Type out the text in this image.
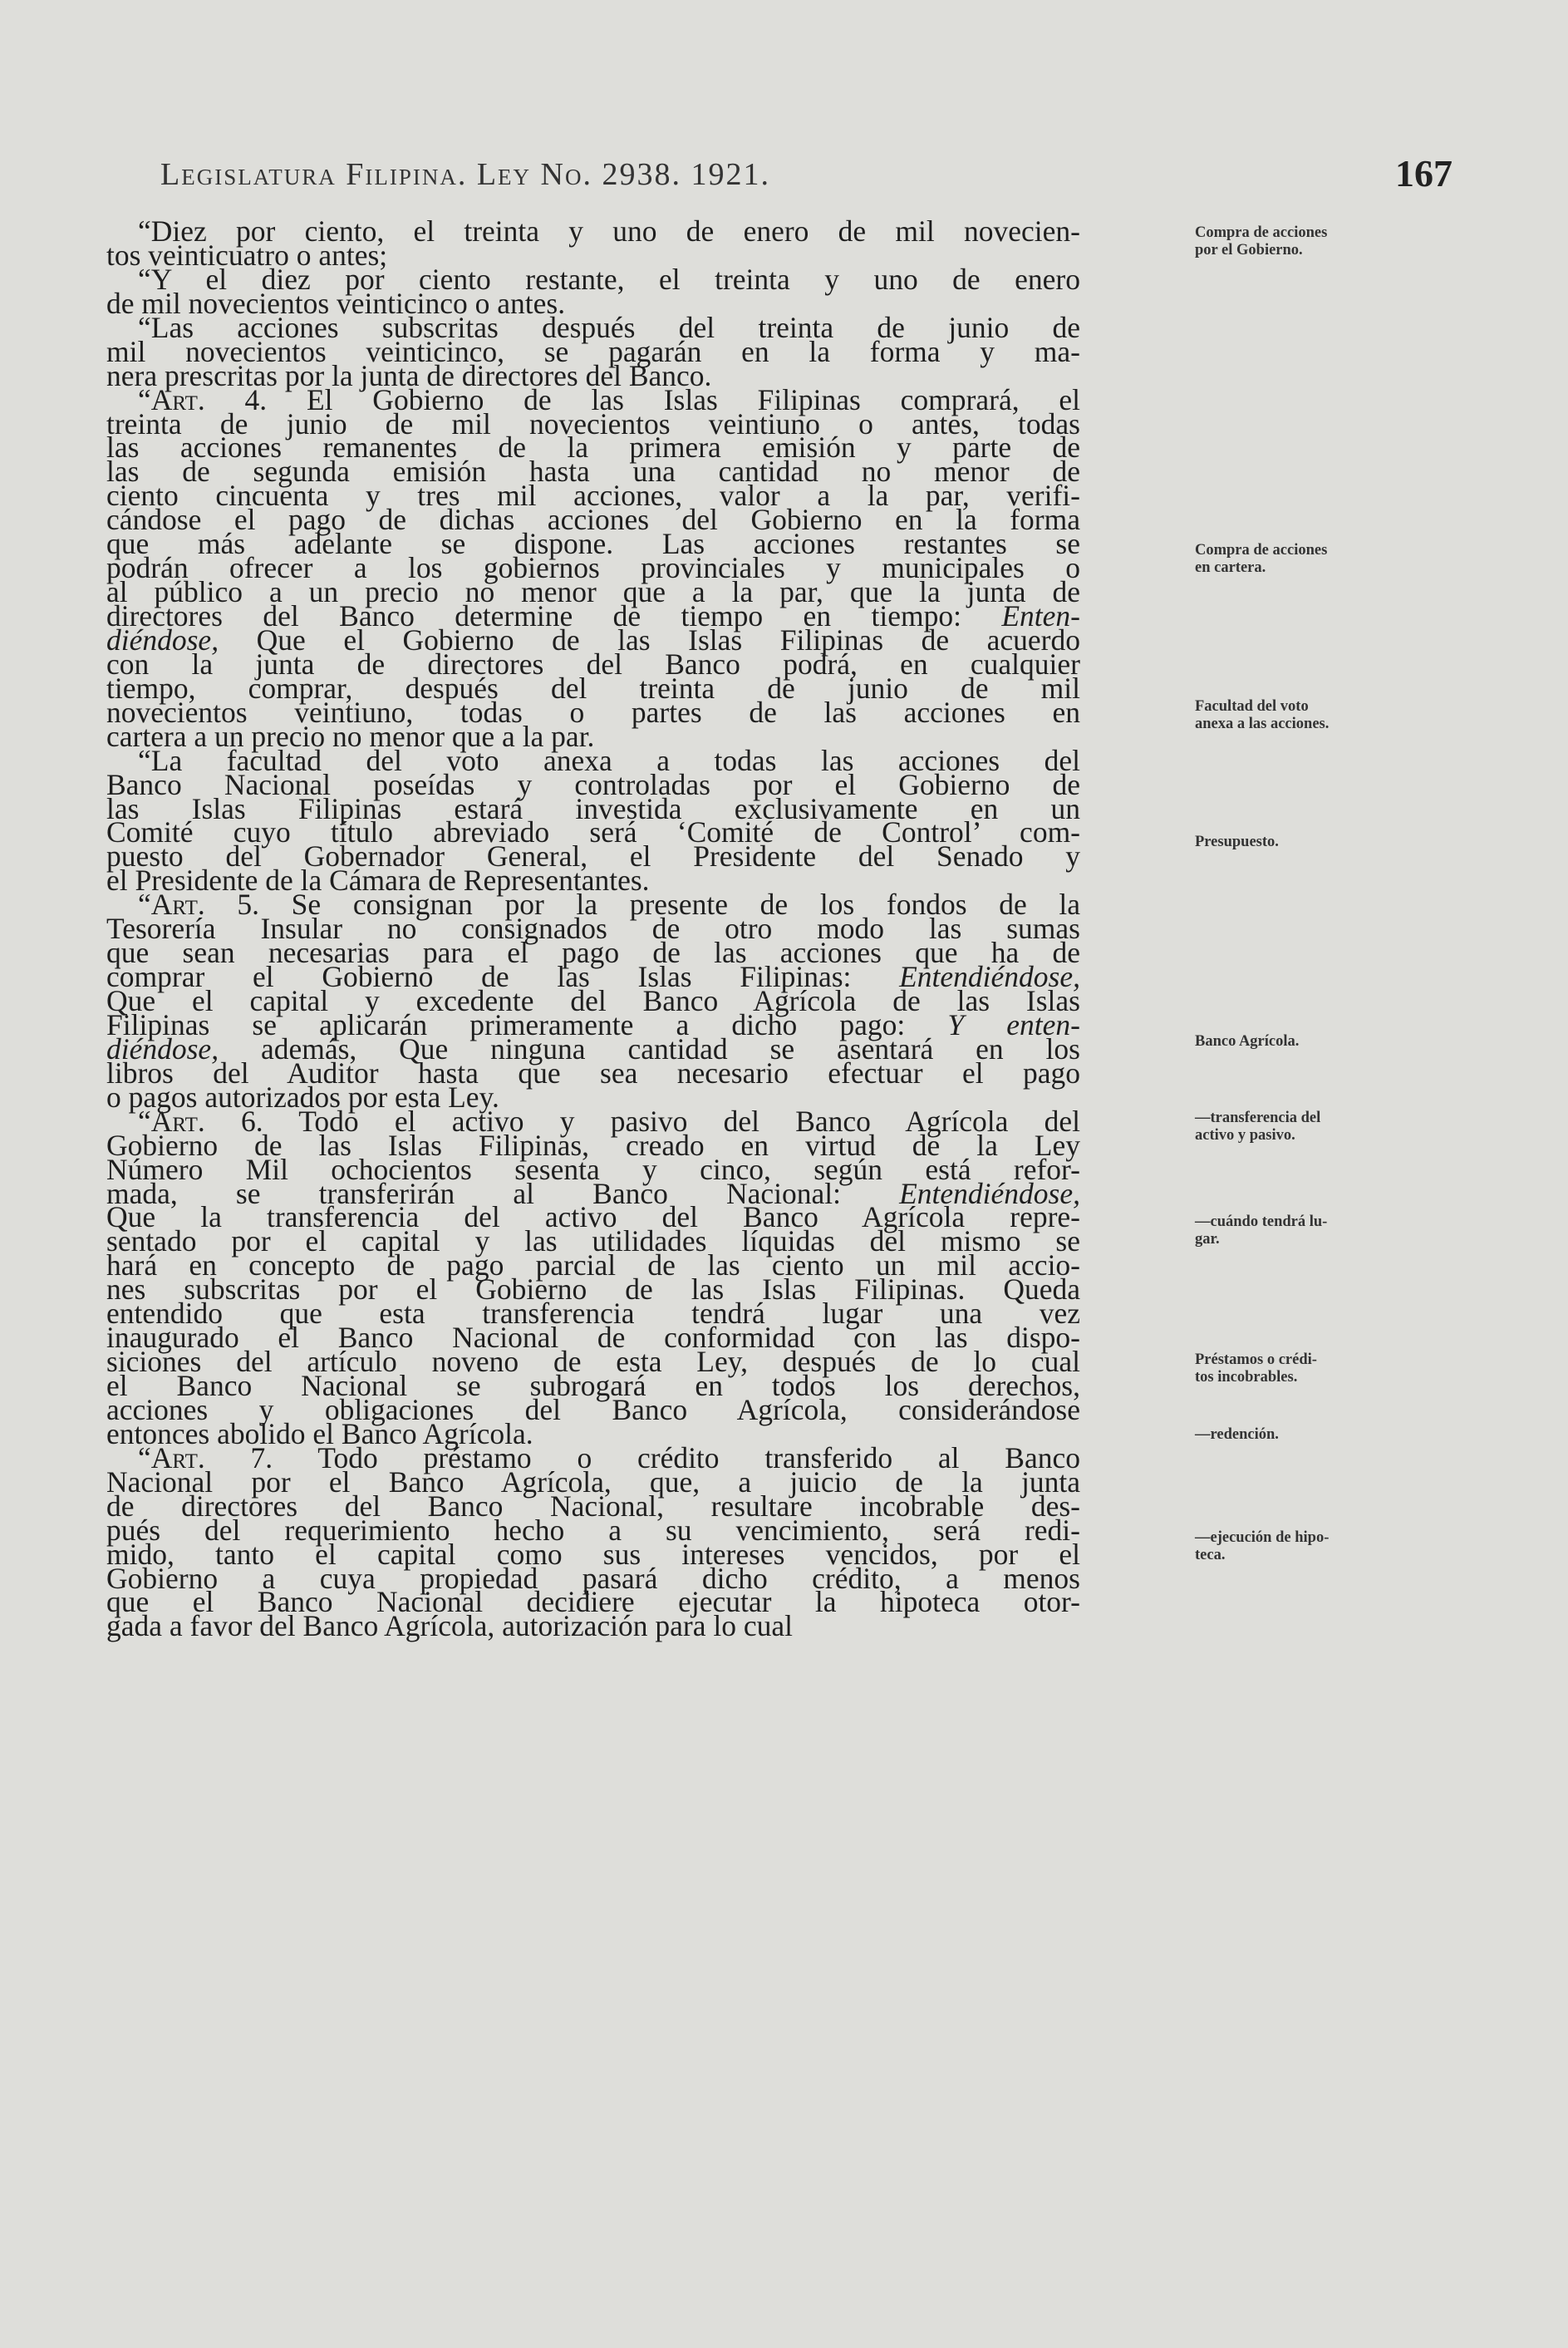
Legislatura Filipina. Ley No. 2938. 1921.	167
“Diez por ciento, el treinta y uno de enero de mil novecien-
tos veinticuatro o antes;
“Y el diez por ciento restante, el treinta y uno de enero
de mil novecientos veinticinco o antes.
“Las acciones subscritas después del treinta de junio de
mil novecientos veinticinco, se pagarán en la forma y ma-
nera prescritas por la junta de directores del Banco.
“Art. 4. El Gobierno de las Islas Filipinas comprará, el
treinta de junio de mil novecientos veintiuno o antes, todas
las acciones remanentes de la primera emisión y parte de
las de segunda emisión hasta una cantidad no menor de
ciento cincuenta y tres mil acciones, valor a la par, verifi-
cándose el pago de dichas acciones del Gobierno en la forma
que más adelante se dispone. Las acciones restantes se
podrán ofrecer a los gobiernos provinciales y municipales o
al público a un precio no menor que a la par, que la junta de
directores del Banco determine de tiempo en tiempo: Enten-
diéndose, Que el Gobierno de las Islas Filipinas de acuerdo
con la junta de directores del Banco podrá, en cualquier
tiempo, comprar, después del treinta de junio de mil
novecientos veintiuno, todas o partes de las acciones en
cartera a un precio no menor que a la par.
“La facultad del voto anexa a todas las acciones del
Banco Nacional poseídas y controladas por el Gobierno de
las Islas Filipinas estará investida exclusivamente en un
Comité cuyo título abreviado será ‘Comité de Control’ com-
puesto del Gobernador General, el Presidente del Senado y
el Presidente de la Cámara de Representantes.
“Art. 5. Se consignan por la presente de los fondos de la
Tesorería Insular no consignados de otro modo las sumas
que sean necesarias para el pago de las acciones que ha de
comprar el Gobierno de las Islas Filipinas: Entendiéndose,
Que el capital y excedente del Banco Agrícola de las Islas
Filipinas se aplicarán primeramente a dicho pago: Y enten-
diéndose, además, Que ninguna cantidad se asentará en los
libros del Auditor hasta que sea necesario efectuar el pago
o pagos autorizados por esta Ley.
“Art. 6. Todo el activo y pasivo del Banco Agrícola del
Gobierno de las Islas Filipinas, creado en virtud de la Ley
Número Mil ochocientos sesenta y cinco, según está refor-
mada, se transferirán al Banco Nacional: Entendiéndose,
Que la transferencia del activo del Banco Agrícola repre-
sentado por el capital y las utilidades líquidas del mismo se
hará en concepto de pago parcial de las ciento un mil accio-
nes subscritas por el Gobierno de las Islas Filipinas. Queda
entendido que esta transferencia tendrá lugar una vez
inaugurado el Banco Nacional de conformidad con las dispo-
siciones del artículo noveno de esta Ley, después de lo cual
el Banco Nacional se subrogará en todos los derechos,
acciones y obligaciones del Banco Agrícola, considerándose
entonces abolido el Banco Agrícola.
“Art. 7. Todo préstamo o crédito transferido al Banco
Nacional por el Banco Agrícola, que, a juicio de la junta
de directores del Banco Nacional, resultare incobrable des-
pués del requerimiento hecho a su vencimiento, será redi-
mido, tanto el capital como sus intereses vencidos, por el
Gobierno a cuya propiedad pasará dicho crédito, a menos
que el Banco Nacional decidiere ejecutar la hipoteca otor-
gada a favor del Banco Agrícola, autorización para lo cual
Compra de acciones
por el Gobierno.
Compra de acciones
en cartera.
Facultad del voto
anexa a las acciones.
Presupuesto.
Banco Agrícola.
—transferencia del
activo y pasivo.
—cuándo tendrá lu-
gar.
Préstamos o crédi-
tos incobrables.
—redención.
—ejecución de hipo-
teca.
